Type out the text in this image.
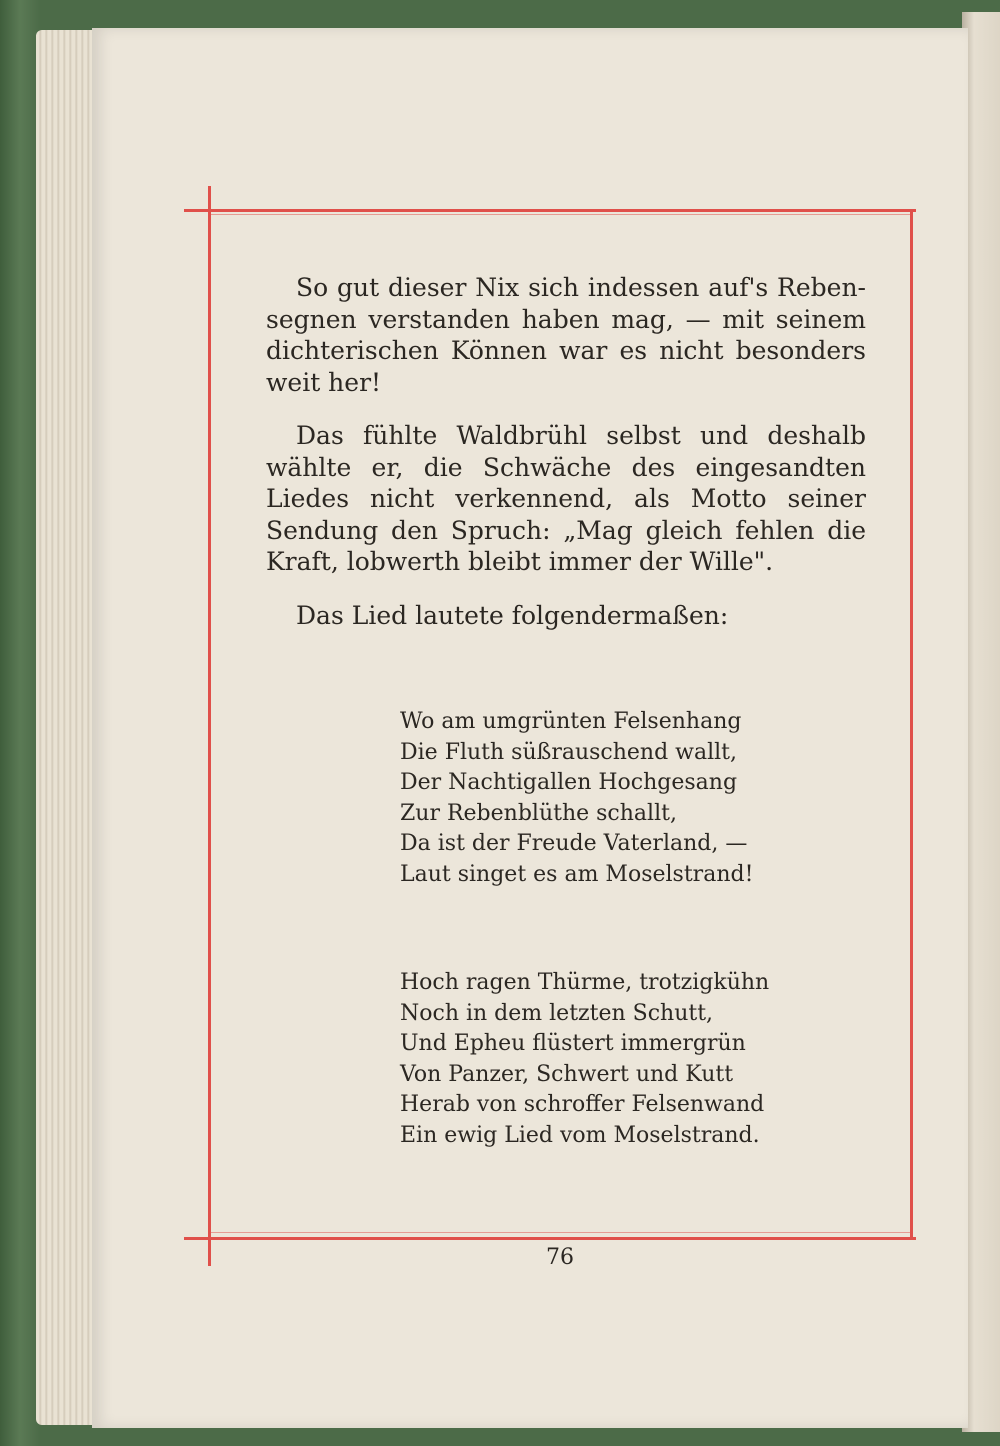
So gut dieser Nix sich indessen auf's Reben-segnen verstanden haben mag, — mit seinem dichterischen Können war es nicht besonders weit her!

Das fühlte Waldbrühl selbst und deshalb wählte er, die Schwäche des eingesandten Liedes nicht verkennend, als Motto seiner Sendung den Spruch: „Mag gleich fehlen die Kraft, lobwerth bleibt immer der Wille".

Das Lied lautete folgendermaßen:

Wo am umgrünten Felsenhang
Die Fluth süßrauschend wallt,
Der Nachtigallen Hochgesang
Zur Rebenblüthe schallt,
Da ist der Freude Vaterland, —
Laut singet es am Moselstrand!
Hoch ragen Thürme, trotzigkühn
Noch in dem letzten Schutt,
Und Epheu flüstert immergrün
Von Panzer, Schwert und Kutt
Herab von schroffer Felsenwand
Ein ewig Lied vom Moselstrand.
76
